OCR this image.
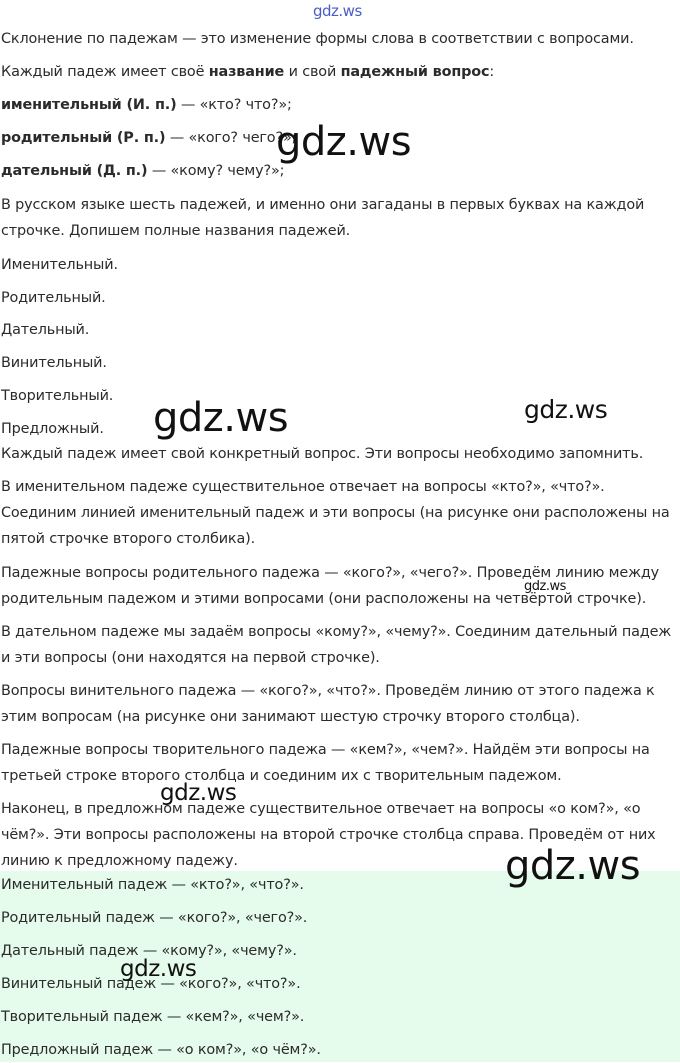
gdz.ws
Склонение по падежам — это изменение формы слова в соответствии с вопросами.
Каждый падеж имеет своё название и свой падежный вопрос:
именительный (И. п.) — «кто? что?»;
родительный (Р. п.) — «кого? чего?»;
дательный (Д. п.) — «кому? чему?»;
В русском языке шесть падежей, и именно они загаданы в первых буквах на каждой
строчке. Допишем полные названия падежей.
Именительный.
Родительный.
Дательный.
Винительный.
Творительный.
Предложный.
Каждый падеж имеет свой конкретный вопрос. Эти вопросы необходимо запомнить.
В именительном падеже существительное отвечает на вопросы «кто?», «что?».
Соединим линией именительный падеж и эти вопросы (на рисунке они расположены на
пятой строчке второго столбика).
Падежные вопросы родительного падежа — «кого?», «чего?». Проведём линию между
родительным падежом и этими вопросами (они расположены на четвёртой строчке).
В дательном падеже мы задаём вопросы «кому?», «чему?». Соединим дательный падеж
и эти вопросы (они находятся на первой строчке).
Вопросы винительного падежа — «кого?», «что?». Проведём линию от этого падежа к
этим вопросам (на рисунке они занимают шестую строчку второго столбца).
Падежные вопросы творительного падежа — «кем?», «чем?». Найдём эти вопросы на
третьей строке второго столбца и соединим их с творительным падежом.
Наконец, в предложном падеже существительное отвечает на вопросы «о ком?», «о
чём?». Эти вопросы расположены на второй строчке столбца справа. Проведём от них
линию к предложному падежу.
Именительный падеж — «кто?», «что?».
Родительный падеж — «кого?», «чего?».
Дательный падеж — «кому?», «чему?».
Винительный падеж — «кого?», «что?».
Творительный падеж — «кем?», «чем?».
Предложный падеж — «о ком?», «о чём?».
gdz.ws
gdz.ws	gdz.ws
gdz.ws
gdz.ws
gdz.ws
gdz.ws
